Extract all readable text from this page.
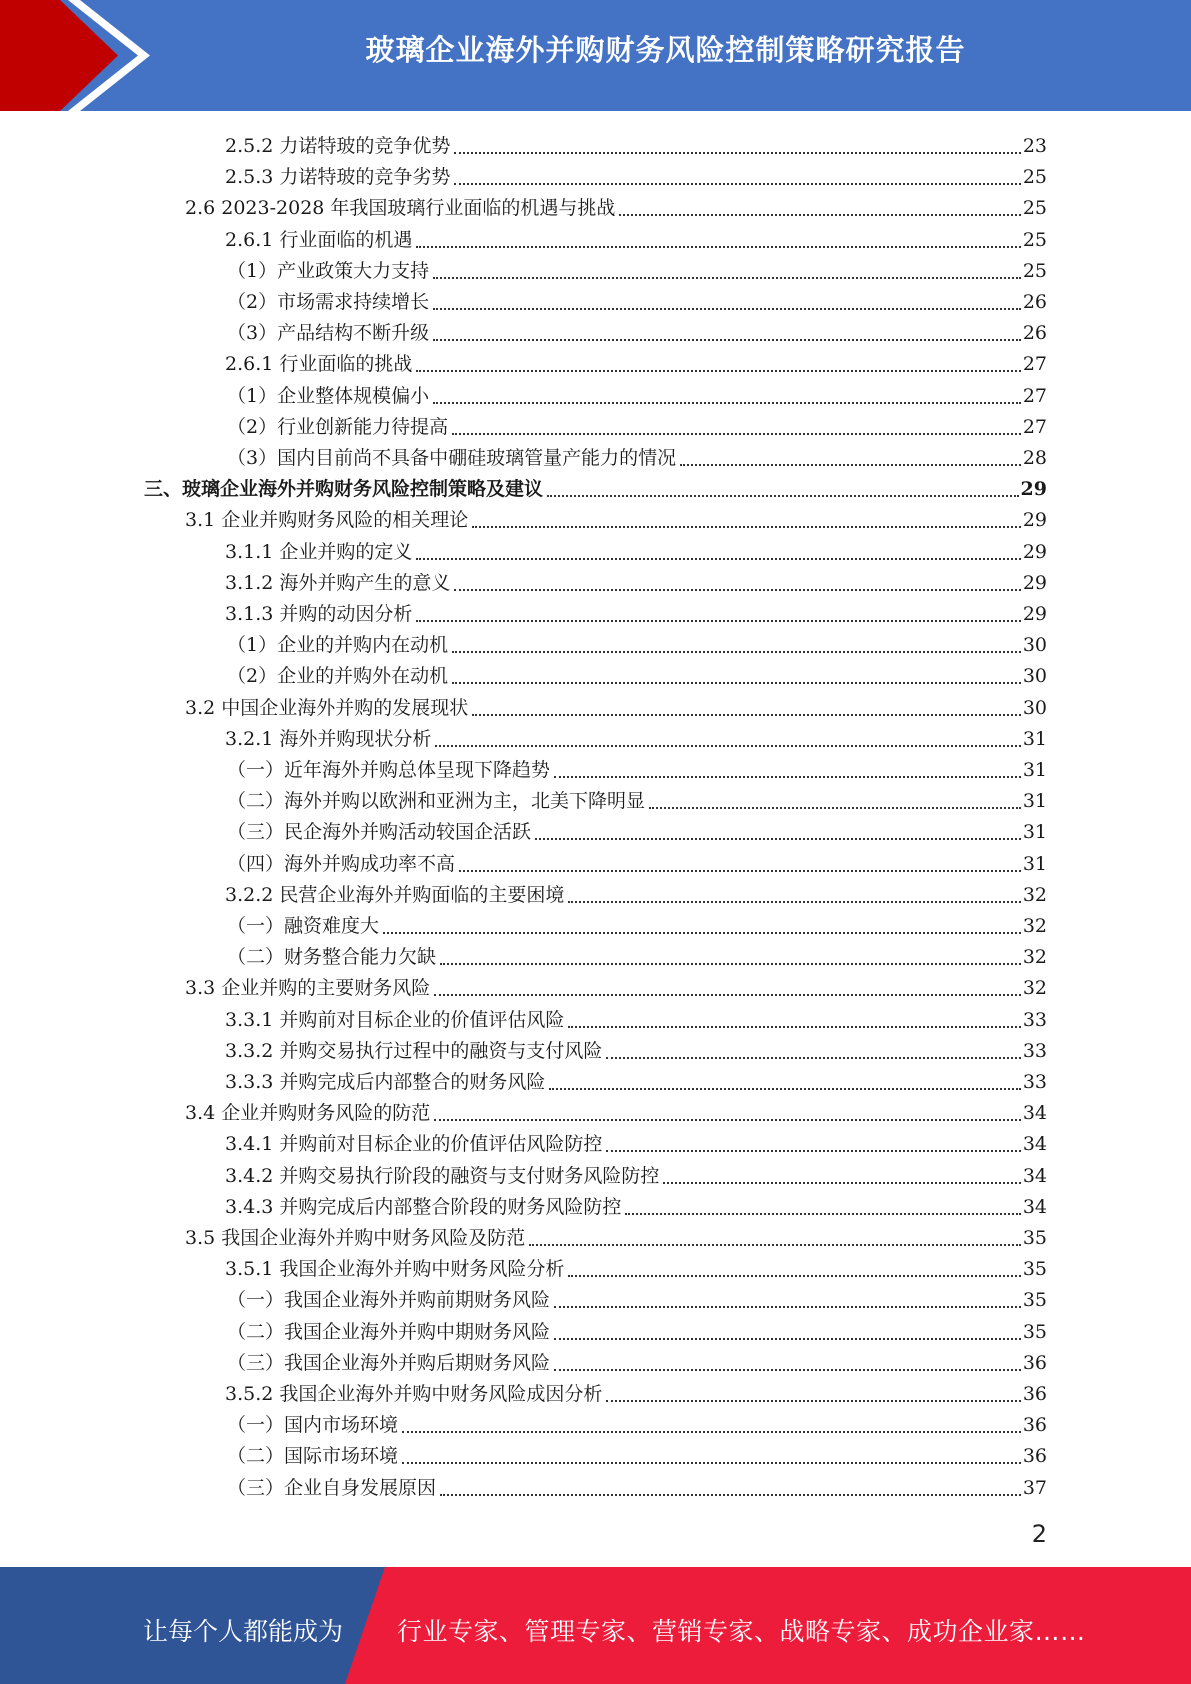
玻璃企业海外并购财务风险控制策略研究报告
2.5.2 力诺特玻的竞争优势	23
2.5.3 力诺特玻的竞争劣势	25
2.6 2023-2028 年我国玻璃行业面临的机遇与挑战	25
2.6.1 行业面临的机遇	25
（1）产业政策大力支持	25
（2）市场需求持续增长	26
（3）产品结构不断升级	26
2.6.1 行业面临的挑战	27
（1）企业整体规模偏小	27
（2）行业创新能力待提高	27
（3）国内目前尚不具备中硼硅玻璃管量产能力的情况	28
三、玻璃企业海外并购财务风险控制策略及建议	29
3.1 企业并购财务风险的相关理论	29
3.1.1 企业并购的定义	29
3.1.2 海外并购产生的意义	29
3.1.3 并购的动因分析	29
（1）企业的并购内在动机	30
（2）企业的并购外在动机	30
3.2 中国企业海外并购的发展现状	30
3.2.1 海外并购现状分析	31
（一）近年海外并购总体呈现下降趋势	31
（二）海外并购以欧洲和亚洲为主，北美下降明显	31
（三）民企海外并购活动较国企活跃	31
（四）海外并购成功率不高	31
3.2.2 民营企业海外并购面临的主要困境	32
（一）融资难度大	32
（二）财务整合能力欠缺	32
3.3 企业并购的主要财务风险	32
3.3.1 并购前对目标企业的价值评估风险	33
3.3.2 并购交易执行过程中的融资与支付风险	33
3.3.3 并购完成后内部整合的财务风险	33
3.4 企业并购财务风险的防范	34
3.4.1 并购前对目标企业的价值评估风险防控	34
3.4.2 并购交易执行阶段的融资与支付财务风险防控	34
3.4.3 并购完成后内部整合阶段的财务风险防控	34
3.5 我国企业海外并购中财务风险及防范	35
3.5.1 我国企业海外并购中财务风险分析	35
（一）我国企业海外并购前期财务风险	35
（二）我国企业海外并购中期财务风险	35
（三）我国企业海外并购后期财务风险	36
3.5.2 我国企业海外并购中财务风险成因分析	36
（一）国内市场环境	36
（二）国际市场环境	36
（三）企业自身发展原因	37
2
让每个人都能成为 行业专家、管理专家、营销专家、战略专家、成功企业家……
